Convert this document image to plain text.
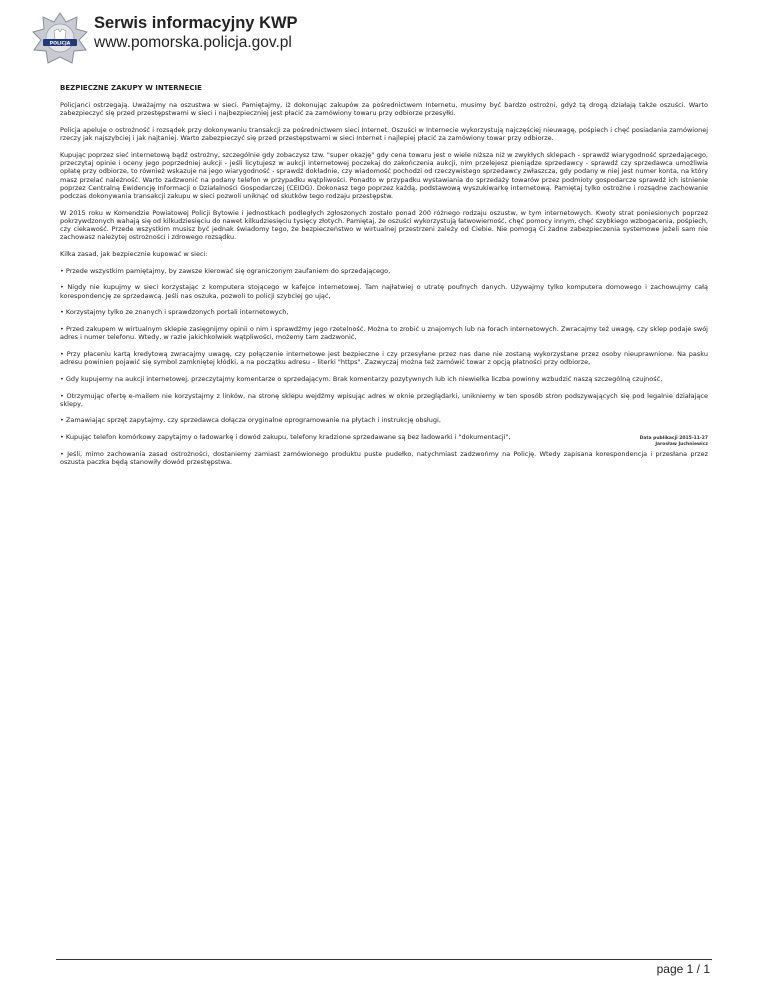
POLICJA
Serwis informacyjny KWP
www.pomorska.policja.gov.pl
BEZPIECZNE ZAKUPY W INTERNECIE

Policjanci ostrzegają. Uważajmy na oszustwa w sieci. Pamiętajmy, iż dokonując zakupów za pośrednictwem Internetu, musimy być bardzo ostrożni, gdyż tą drogą działają także oszuści. Warto zabezpieczyć się przed przestępstwami w sieci i najbezpieczniej jest płacić za zamówiony towaru przy odbiorze przesyłki.

Policja apeluje o ostrożność i rozsądek przy dokonywaniu transakcji za pośrednictwem sieci Internet. Oszuści w Internecie wykorzystują najczęściej nieuwagę, pośpiech i chęć posiadania zamówionej rzeczy jak najszybciej i jak najtaniej. Warto zabezpieczyć się przed przestępstwami w sieci Internet i najlepiej płacić za zamówiony towar przy odbiorze.

Kupując poprzez sieć internetową bądź ostrożny, szczególnie gdy zobaczysz tzw. "super okazję" gdy cena towaru jest o wiele niższa niż w zwykłych sklepach - sprawdź wiarygodność sprzedającego, przeczytaj opinie i oceny jego poprzedniej aukcji - jeśli licytujesz w aukcji internetowej poczekaj do zakończenia aukcji, nim przelejesz pieniądze sprzedawcy - sprawdź czy sprzedawca umożliwia opłatę przy odbiorze, to również wskazuje na jego wiarygodność - sprawdź dokładnie, czy wiadomość pochodzi od rzeczywistego sprzedawcy zwłaszcza, gdy podany w niej jest numer konta, na który masz przelać należność. Warto zadzwonić na podany telefon w przypadku wątpliwości. Ponadto w przypadku wystawiania do sprzedaży towarów przez podmioty gospodarcze sprawdź ich istnienie poprzez Centralną Ewidencję Informacji o Działalności Gospodarczej (CEIDG). Dokonasz tego poprzez każdą, podstawową wyszukiwarkę internetową. Pamiętaj tylko ostrożne i rozsądne zachowanie podczas dokonywania transakcji zakupu w sieci pozwoli uniknąć od skutków tego rodzaju przestępstw.

W 2015 roku w Komendzie Powiatowej Policji Bytowie i jednostkach podległych zgłoszonych zostało ponad 200 różnego rodzaju oszustw, w tym internetowych. Kwoty strat poniesionych poprzez pokrzywdzonych wahają się od kilkudziesięciu do nawet kilkudziesięciu tysięcy złotych. Pamiętaj, że oszuści wykorzystują łatwowierność, chęć pomocy innym, chęć szybkiego wzbogacenia, pośpiech, czy ciekawość. Przede wszystkim musisz być jednak świadomy tego, że bezpieczeństwo w wirtualnej przestrzeni zależy od Ciebie. Nie pomogą Ci żadne zabezpieczenia systemowe jeżeli sam nie zachowasz należytej ostrożności i zdrowego rozsądku.

Kilka zasad, jak bezpiecznie kupować w sieci:

• Przede wszystkim pamiętajmy, by zawsze kierować się ograniczonym zaufaniem do sprzedającego,

• Nigdy nie kupujmy w sieci korzystając z komputera stojącego w kafejce internetowej. Tam najłatwiej o utratę poufnych danych. Używajmy tylko komputera domowego i zachowujmy całą korespondencję ze sprzedawcą. Jeśli nas oszuka, pozwoli to policji szybciej go ująć,

• Korzystajmy tylko ze znanych i sprawdzonych portali internetowych,

• Przed zakupem w wirtualnym sklepie zasięgnijmy opinii o nim i sprawdźmy jego rzetelność. Można to zrobić u znajomych lub na forach internetowych. Zwracajmy też uwagę, czy sklep podaje swój adres i numer telefonu. Wtedy, w razie jakichkolwiek wątpliwości, możemy tam zadzwonić,

• Przy płaceniu kartą kredytową zwracajmy uwagę, czy połączenie internetowe jest bezpieczne i czy przesyłane przez nas dane nie zostaną wykorzystane przez osoby nieuprawnione. Na pasku adresu powinien pojawić się symbol zamkniętej kłódki, a na początku adresu – literki "https". Zazwyczaj można też zamówić towar z opcją płatności przy odbiorze,

• Gdy kupujemy na aukcji internetowej, przeczytajmy komentarze o sprzedającym. Brak komentarzy pozytywnych lub ich niewielka liczba powinny wzbudzić naszą szczególną czujność,

• Otrzymując ofertę e-mailem nie korzystajmy z linków, na stronę sklepu wejdźmy wpisując adres w oknie przeglądarki, unikniemy w ten sposób stron podszywających się pod legalnie działające sklepy,

• Zamawiając sprzęt zapytajmy, czy sprzedawca dołącza oryginalne oprogramowanie na płytach i instrukcję obsługi,

• Kupując telefon komórkowy zapytajmy o ładowarkę i dowód zakupu, telefony kradzione sprzedawane są bez ładowarki i "dokumentacji",

• Jeśli, mimo zachowania zasad ostrożności, dostaniemy zamiast zamówionego produktu puste pudełko, natychmiast zadzwońmy na Policję. Wtedy zapisana korespondencja i przesłana przez oszusta paczka będą stanowiły dowód przestępstwa.

Data publikacji 2015-11-27
Jarosław Juchniewicz
page 1 / 1
